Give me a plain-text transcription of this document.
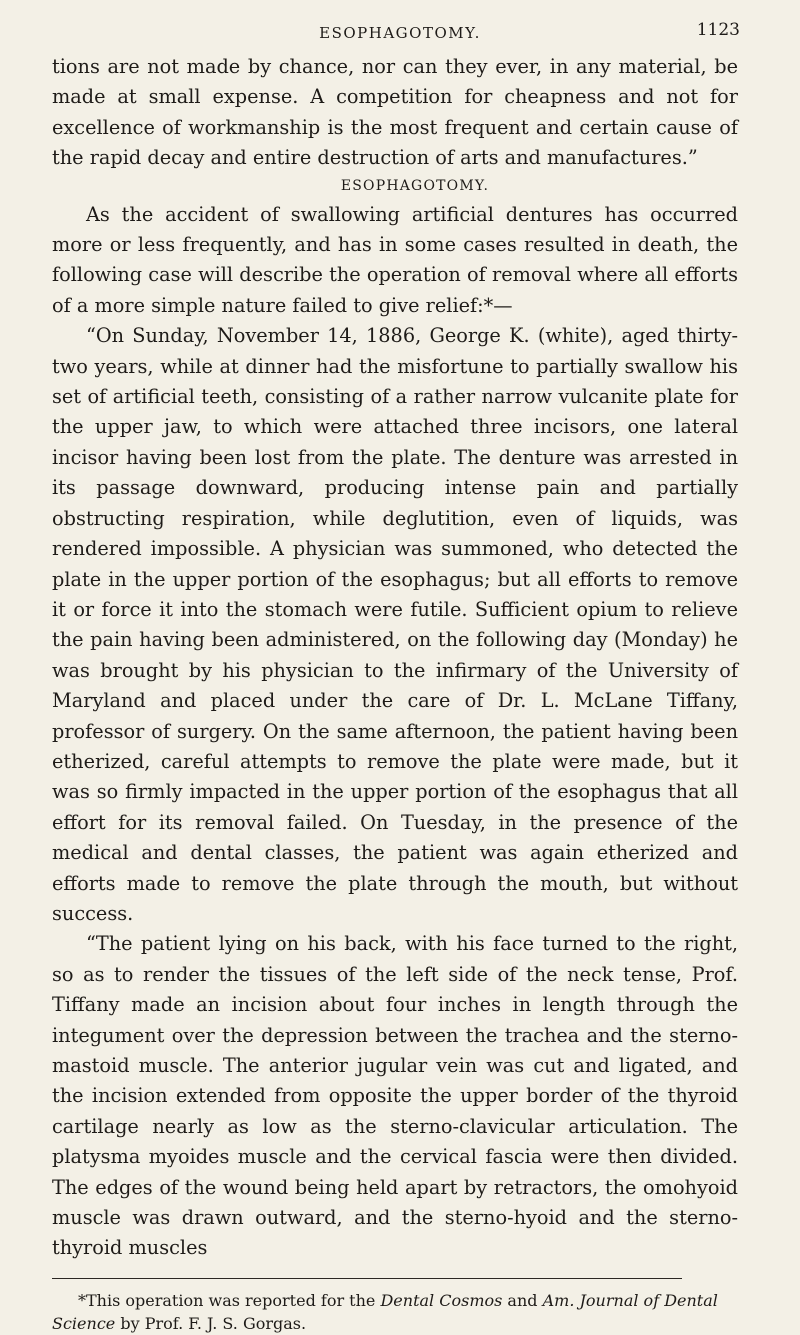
ESOPHAGOTOMY.	1123

tions are not made by chance, nor can they ever, in any material, be made at small expense. A competition for cheapness and not for excellence of workmanship is the most frequent and certain cause of the rapid decay and entire destruction of arts and manufactures.”

ESOPHAGOTOMY.

As the accident of swallowing artificial dentures has occurred more or less frequently, and has in some cases resulted in death, the following case will describe the operation of removal where all efforts of a more simple nature failed to give relief:*—

“On Sunday, November 14, 1886, George K. (white), aged thirty-two years, while at dinner had the misfortune to partially swallow his set of artificial teeth, consisting of a rather narrow vulcanite plate for the upper jaw, to which were attached three incisors, one lateral incisor having been lost from the plate. The denture was arrested in its passage downward, producing intense pain and partially obstructing respiration, while deglutition, even of liquids, was rendered impossible. A physician was summoned, who detected the plate in the upper portion of the esophagus; but all efforts to remove it or force it into the stomach were futile. Sufficient opium to relieve the pain having been administered, on the following day (Monday) he was brought by his physician to the infirmary of the University of Maryland and placed under the care of Dr. L. McLane Tiffany, professor of surgery. On the same afternoon, the patient having been etherized, careful attempts to remove the plate were made, but it was so firmly impacted in the upper portion of the esophagus that all effort for its removal failed. On Tuesday, in the presence of the medical and dental classes, the patient was again etherized and efforts made to remove the plate through the mouth, but without success.

“The patient lying on his back, with his face turned to the right, so as to render the tissues of the left side of the neck tense, Prof. Tiffany made an incision about four inches in length through the integument over the depression between the trachea and the sterno-mastoid muscle. The anterior jugular vein was cut and ligated, and the incision extended from opposite the upper border of the thyroid cartilage nearly as low as the sterno-clavicular articulation. The platysma myoides muscle and the cervical fascia were then divided. The edges of the wound being held apart by retractors, the omohyoid muscle was drawn outward, and the sterno-hyoid and the sterno-thyroid muscles

*This operation was reported for the Dental Cosmos and Am. Journal of Dental Science by Prof. F. J. S. Gorgas.
